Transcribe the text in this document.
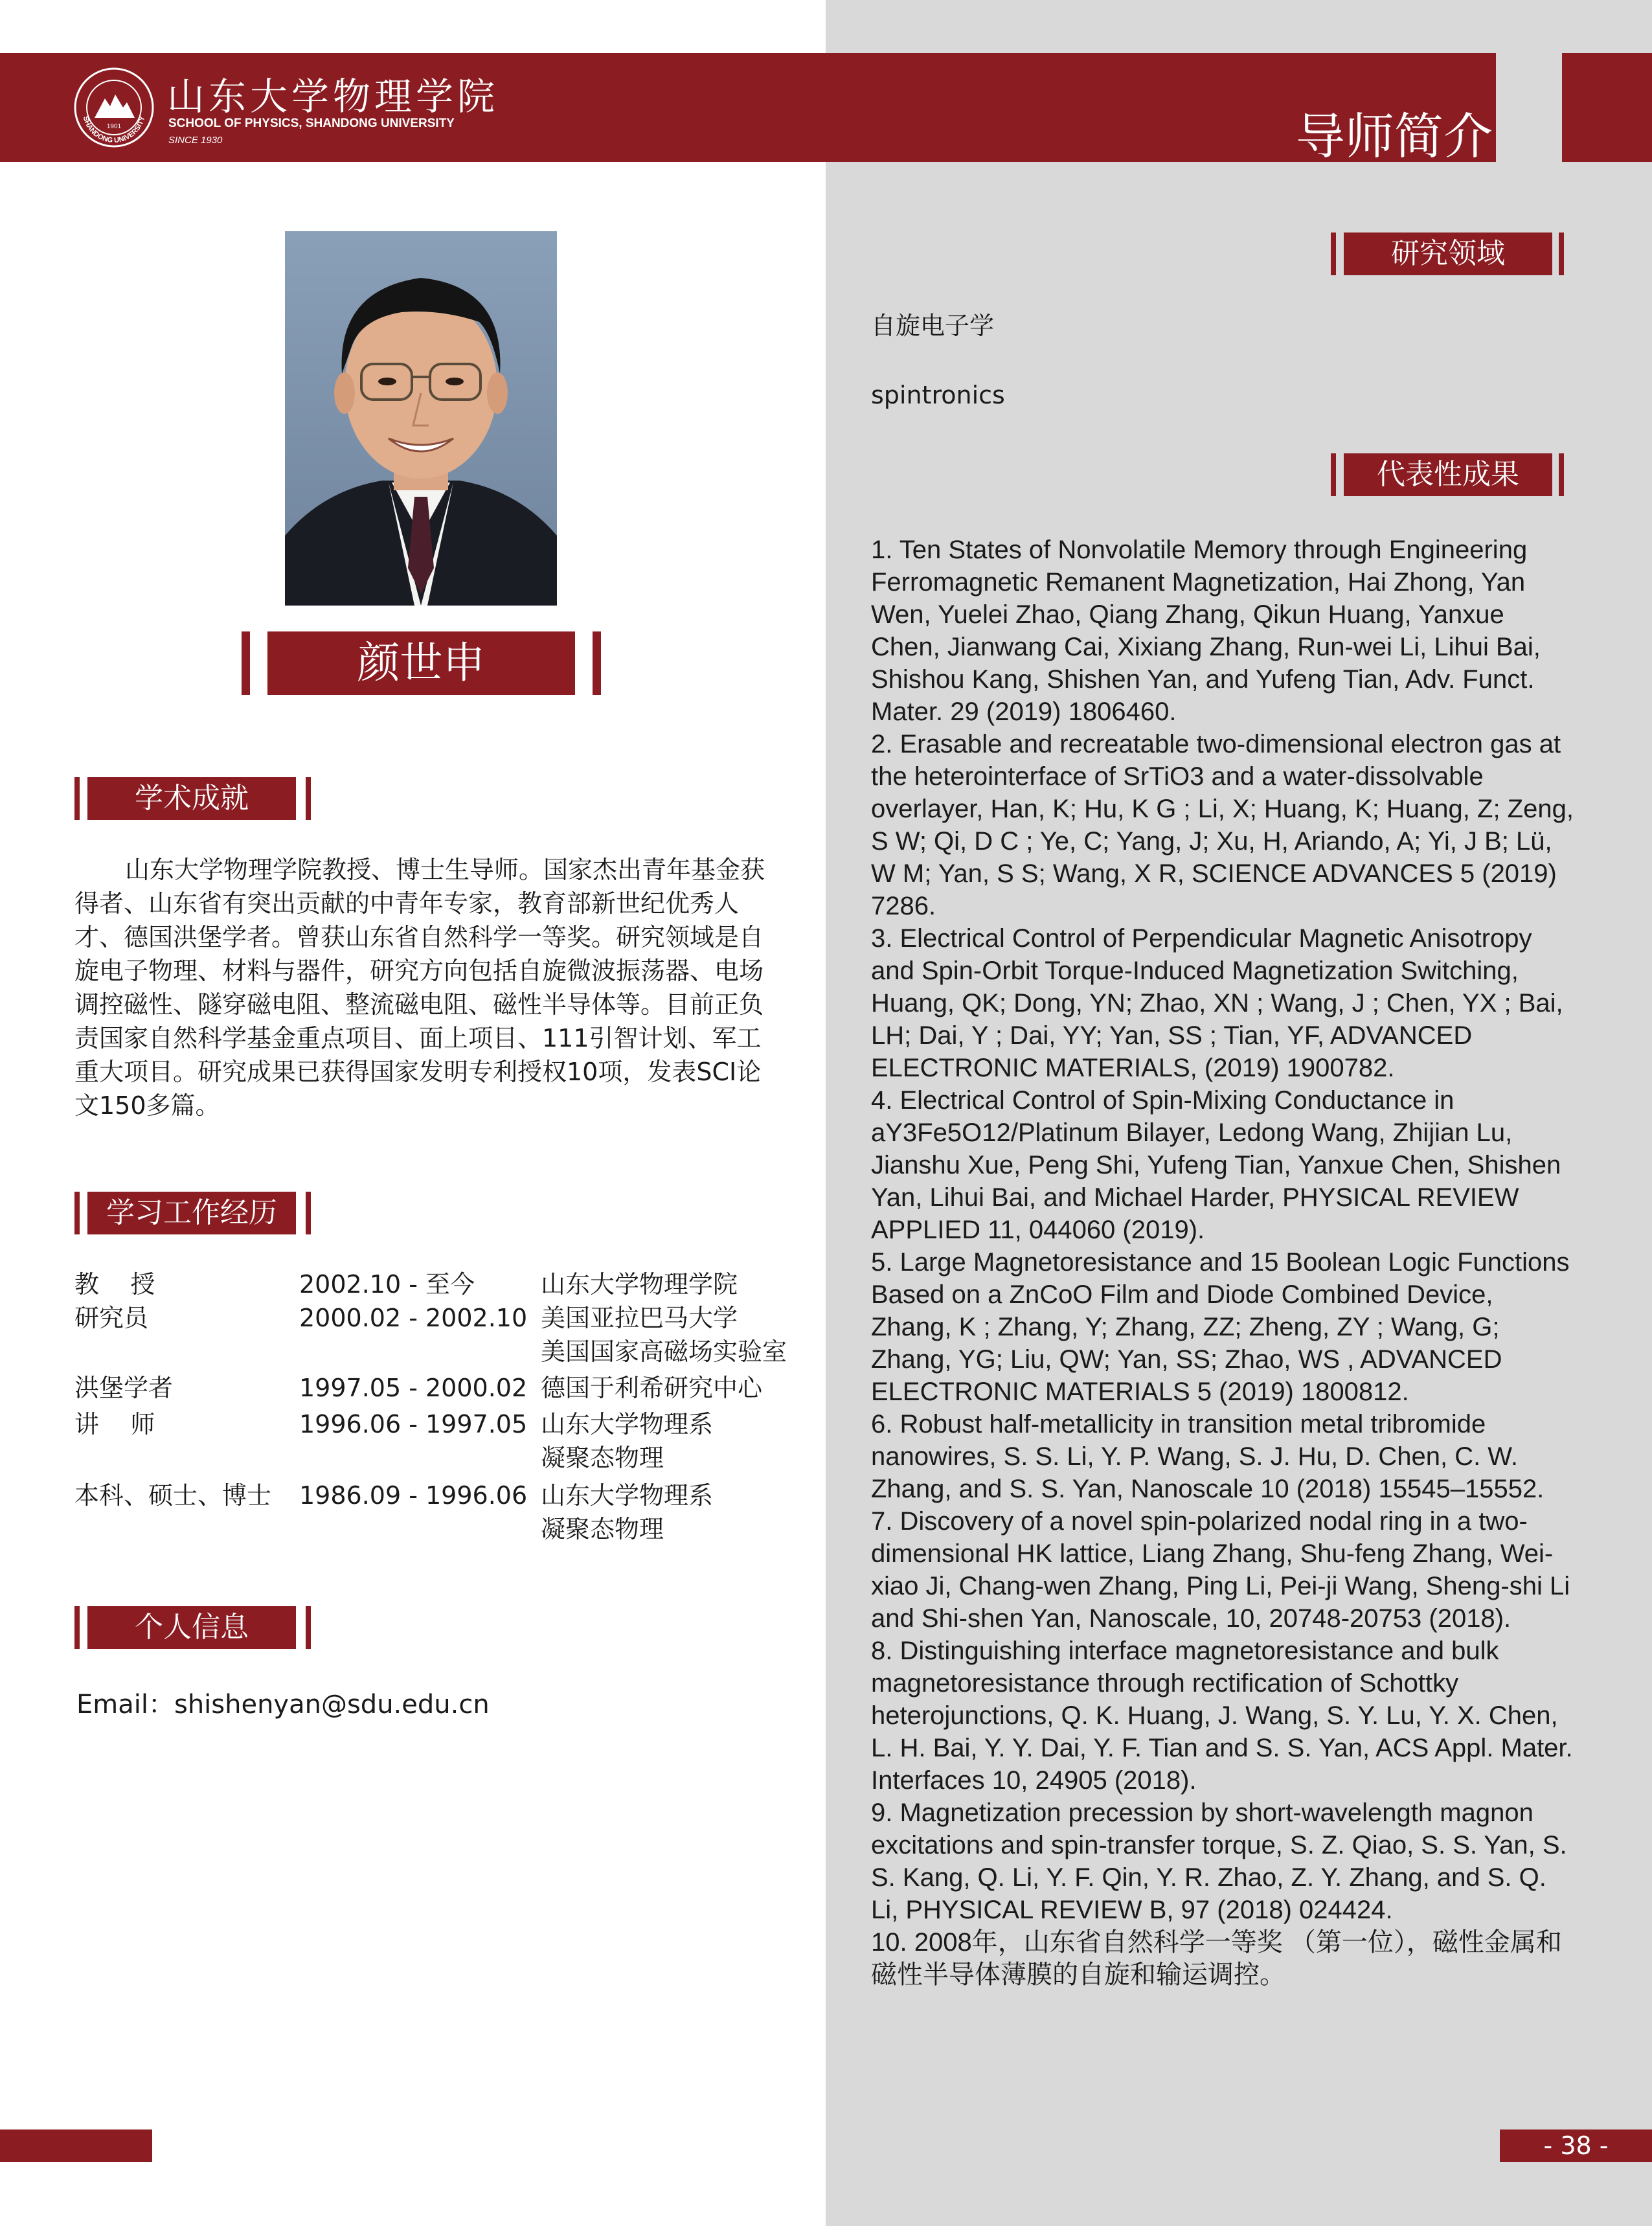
SHANDONG UNIVERSITY
1901
山东大学物理学院
SCHOOL OF PHYSICS, SHANDONG UNIVERSITY
SINCE 1930	导师简介
颜世申
学术成就

山东大学物理学院教授、博士生导师。国家杰出青年基金获得者、山东省有突出贡献的中青年专家，教育部新世纪优秀人才、德国洪堡学者。曾获山东省自然科学一等奖。研究领域是自旋电子物理、材料与器件，研究方向包括自旋微波振荡器、电场调控磁性、隧穿磁电阻、整流磁电阻、磁性半导体等。目前正负责国家自然科学基金重点项目、面上项目、111引智计划、军工重大项目。研究成果已获得国家发明专利授权10项，发表SCI论文150多篇。

学习工作经历
教    授	2002.10 - 至今	山东大学物理学院
研究员	2000.02 - 2002.10 美国亚拉巴马大学
美国国家高磁场实验室
洪堡学者	1997.05 - 2000.02 德国于利希研究中心
讲    师	1996.06 - 1997.05 山东大学物理系
凝聚态物理
本科、硕士、博士 1986.09 - 1996.06 山东大学物理系
凝聚态物理
个人信息
Email：shishenyan@sdu.edu.cn
研究领域
自旋电子学
spintronics
代表性成果

1. Ten States of Nonvolatile Memory through Engineering Ferromagnetic Remanent Magnetization, Hai Zhong, Yan Wen, Yuelei Zhao, Qiang Zhang, Qikun Huang, Yanxue Chen, Jianwang Cai, Xixiang Zhang, Run-wei Li, Lihui Bai, Shishou Kang, Shishen Yan, and Yufeng Tian, Adv. Funct. Mater. 29 (2019) 1806460.

2. Erasable and recreatable two-dimensional electron gas at the heterointerface of SrTiO3 and a water-dissolvable overlayer, Han, K; Hu, K G ; Li, X; Huang, K; Huang, Z; Zeng, S W; Qi, D C ; Ye, C; Yang, J; Xu, H, Ariando, A; Yi, J B; Lü, W M; Yan, S S; Wang, X R, SCIENCE ADVANCES 5 (2019) 7286.

3. Electrical Control of Perpendicular Magnetic Anisotropy and Spin-Orbit Torque-Induced Magnetization Switching, Huang, QK; Dong, YN; Zhao, XN ; Wang, J ; Chen, YX ; Bai, LH; Dai, Y ; Dai, YY; Yan, SS ; Tian, YF, ADVANCED ELECTRONIC MATERIALS, (2019) 1900782.

4. Electrical Control of Spin-Mixing Conductance in aY3Fe5O12/Platinum Bilayer, Ledong Wang, Zhijian Lu, Jianshu Xue, Peng Shi, Yufeng Tian, Yanxue Chen, Shishen Yan, Lihui Bai, and Michael Harder, PHYSICAL REVIEW APPLIED 11, 044060 (2019).

5. Large Magnetoresistance and 15 Boolean Logic Functions Based on a ZnCoO Film and Diode Combined Device, Zhang, K ; Zhang, Y; Zhang, ZZ; Zheng, ZY ; Wang, G; Zhang, YG; Liu, QW; Yan, SS; Zhao, WS , ADVANCED ELECTRONIC MATERIALS 5 (2019) 1800812.

6. Robust half-metallicity in transition metal tribromide nanowires, S. S. Li, Y. P. Wang, S. J. Hu, D. Chen, C. W. Zhang, and S. S. Yan, Nanoscale 10 (2018) 15545–15552.

7. Discovery of a novel spin-polarized nodal ring in a two-dimensional HK lattice, Liang Zhang, Shu-feng Zhang, Wei-xiao Ji, Chang-wen Zhang, Ping Li, Pei-ji Wang, Sheng-shi Li and Shi-shen Yan, Nanoscale, 10, 20748-20753 (2018).

8. Distinguishing interface magnetoresistance and bulk magnetoresistance through rectification of Schottky heterojunctions, Q. K. Huang, J. Wang, S. Y. Lu, Y. X. Chen, L. H. Bai, Y. Y. Dai, Y. F. Tian and S. S. Yan, ACS Appl. Mater. Interfaces 10, 24905 (2018).

9. Magnetization precession by short-wavelength magnon excitations and spin-transfer torque, S. Z. Qiao, S. S. Yan, S. S. Kang, Q. Li, Y. F. Qin, Y. R. Zhao, Z. Y. Zhang, and S. Q. Li, PHYSICAL REVIEW B, 97 (2018) 024424.

10. 2008年，山东省自然科学一等奖 （第一位），磁性金属和磁性半导体薄膜的自旋和输运调控。

- 38 -
